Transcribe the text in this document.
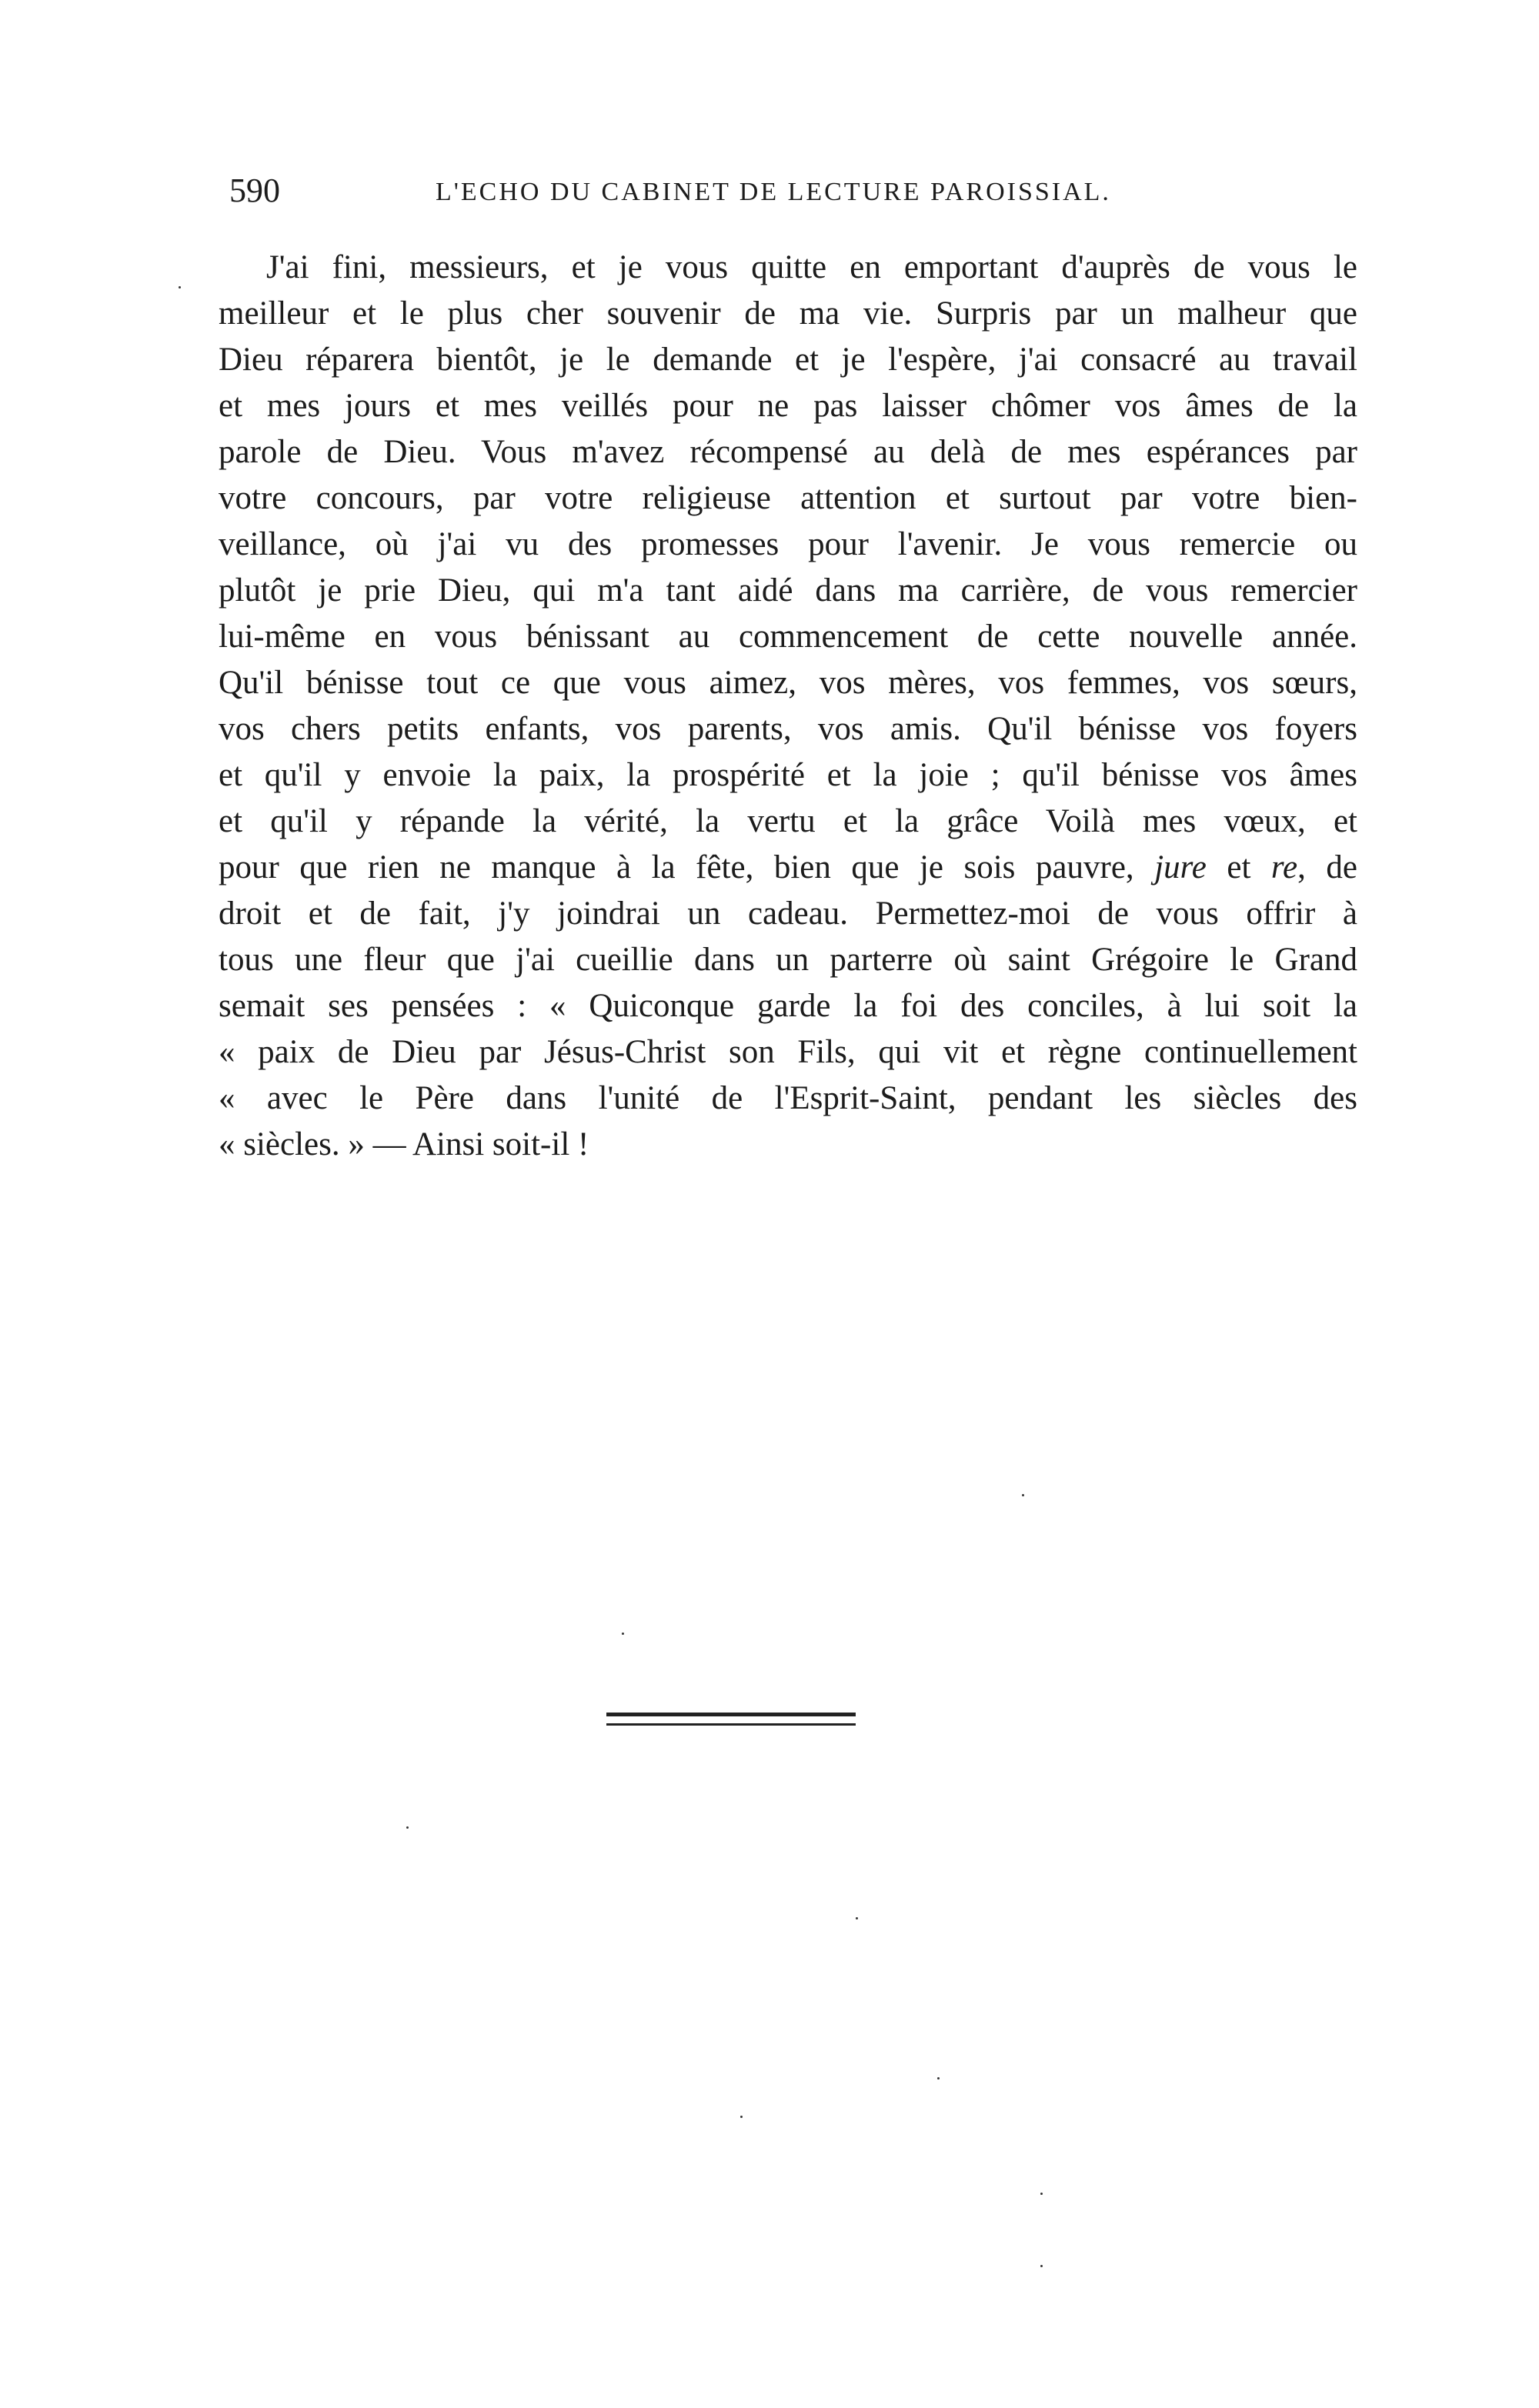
590	L'ECHO DU CABINET DE LECTURE PAROISSIAL.
J'ai fini, messieurs, et je vous quitte en emportant d'auprès de vous le
meilleur et le plus cher souvenir de ma vie. Surpris par un malheur que
Dieu réparera bientôt, je le demande et je l'espère, j'ai consacré au travail
et mes jours et mes veillés pour ne pas laisser chômer vos âmes de la
parole de Dieu. Vous m'avez récompensé au delà de mes espérances par
votre concours, par votre religieuse attention et surtout par votre bien-
veillance, où j'ai vu des promesses pour l'avenir. Je vous remercie ou
plutôt je prie Dieu, qui m'a tant aidé dans ma carrière, de vous remercier
lui-même en vous bénissant au commencement de cette nouvelle année.
Qu'il bénisse tout ce que vous aimez, vos mères, vos femmes, vos sœurs,
vos chers petits enfants, vos parents, vos amis. Qu'il bénisse vos foyers
et qu'il y envoie la paix, la prospérité et la joie ; qu'il bénisse vos âmes
et qu'il y répande la vérité, la vertu et la grâce Voilà mes vœux, et
pour que rien ne manque à la fête, bien que je sois pauvre, jure et re, de
droit et de fait, j'y joindrai un cadeau. Permettez-moi de vous offrir à
tous une fleur que j'ai cueillie dans un parterre où saint Grégoire le Grand
semait ses pensées : « Quiconque garde la foi des conciles, à lui soit la
« paix de Dieu par Jésus-Christ son Fils, qui vit et règne continuellement
« avec le Père dans l'unité de l'Esprit-Saint, pendant les siècles des
« siècles. » — Ainsi soit-il !
